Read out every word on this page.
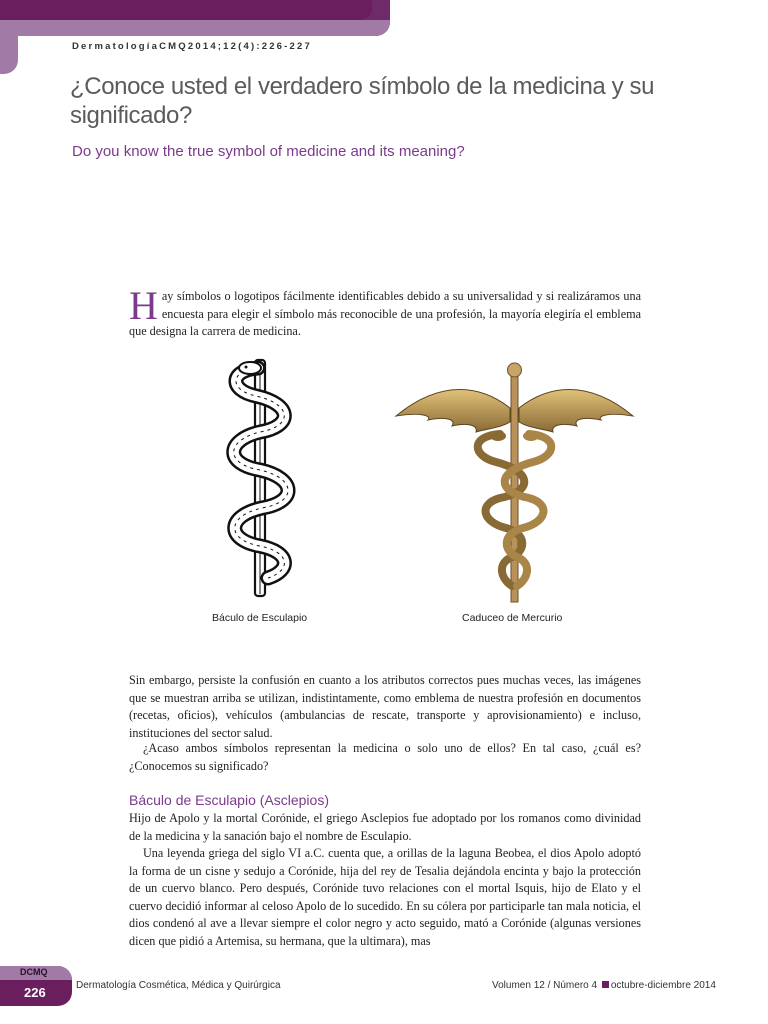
DermatologíaCMQ2014;12(4):226-227
¿Conoce usted el verdadero símbolo de la medicina y su significado?
Do you know the true symbol of medicine and its meaning?
Hay símbolos o logotipos fácilmente identificables debido a su universalidad y si realizáramos una encuesta para elegir el símbolo más reconocible de una profesión, la mayoría elegiría el emblema que designa la carrera de medicina.
Báculo de Esculapio	Caduceo de Mercurio

Sin embargo, persiste la confusión en cuanto a los atributos correctos pues muchas veces, las imágenes que se muestran arriba se utilizan, indistintamente, como emblema de nuestra profesión en documentos (recetas, oficios), vehículos (ambulancias de rescate, transporte y aprovisionamiento) e incluso, instituciones del sector salud.

¿Acaso ambos símbolos representan la medicina o solo uno de ellos? En tal caso, ¿cuál es? ¿Conocemos su significado?

Báculo de Esculapio (Asclepios)

Hijo de Apolo y la mortal Corónide, el griego Asclepios fue adoptado por los romanos como divinidad de la medicina y la sanación bajo el nombre de Esculapio.

Una leyenda griega del siglo VI a.C. cuenta que, a orillas de la laguna Beobea, el dios Apolo adoptó la forma de un cisne y sedujo a Corónide, hija del rey de Tesalia dejándola encinta y bajo la protección de un cuervo blanco. Pero después, Corónide tuvo relaciones con el mortal Isquis, hijo de Elato y el cuervo decidió informar al celoso Apolo de lo sucedido. En su cólera por participarle tan mala noticia, el dios condenó al ave a llevar siempre el color negro y acto seguido, mató a Corónide (algunas versiones dicen que pidió a Artemisa, su hermana, que la ultimara), mas

DCMQ
226	Dermatología Cosmética, Médica y Quirúrgica	Volumen 12 / Número 4 octubre-diciembre 2014
